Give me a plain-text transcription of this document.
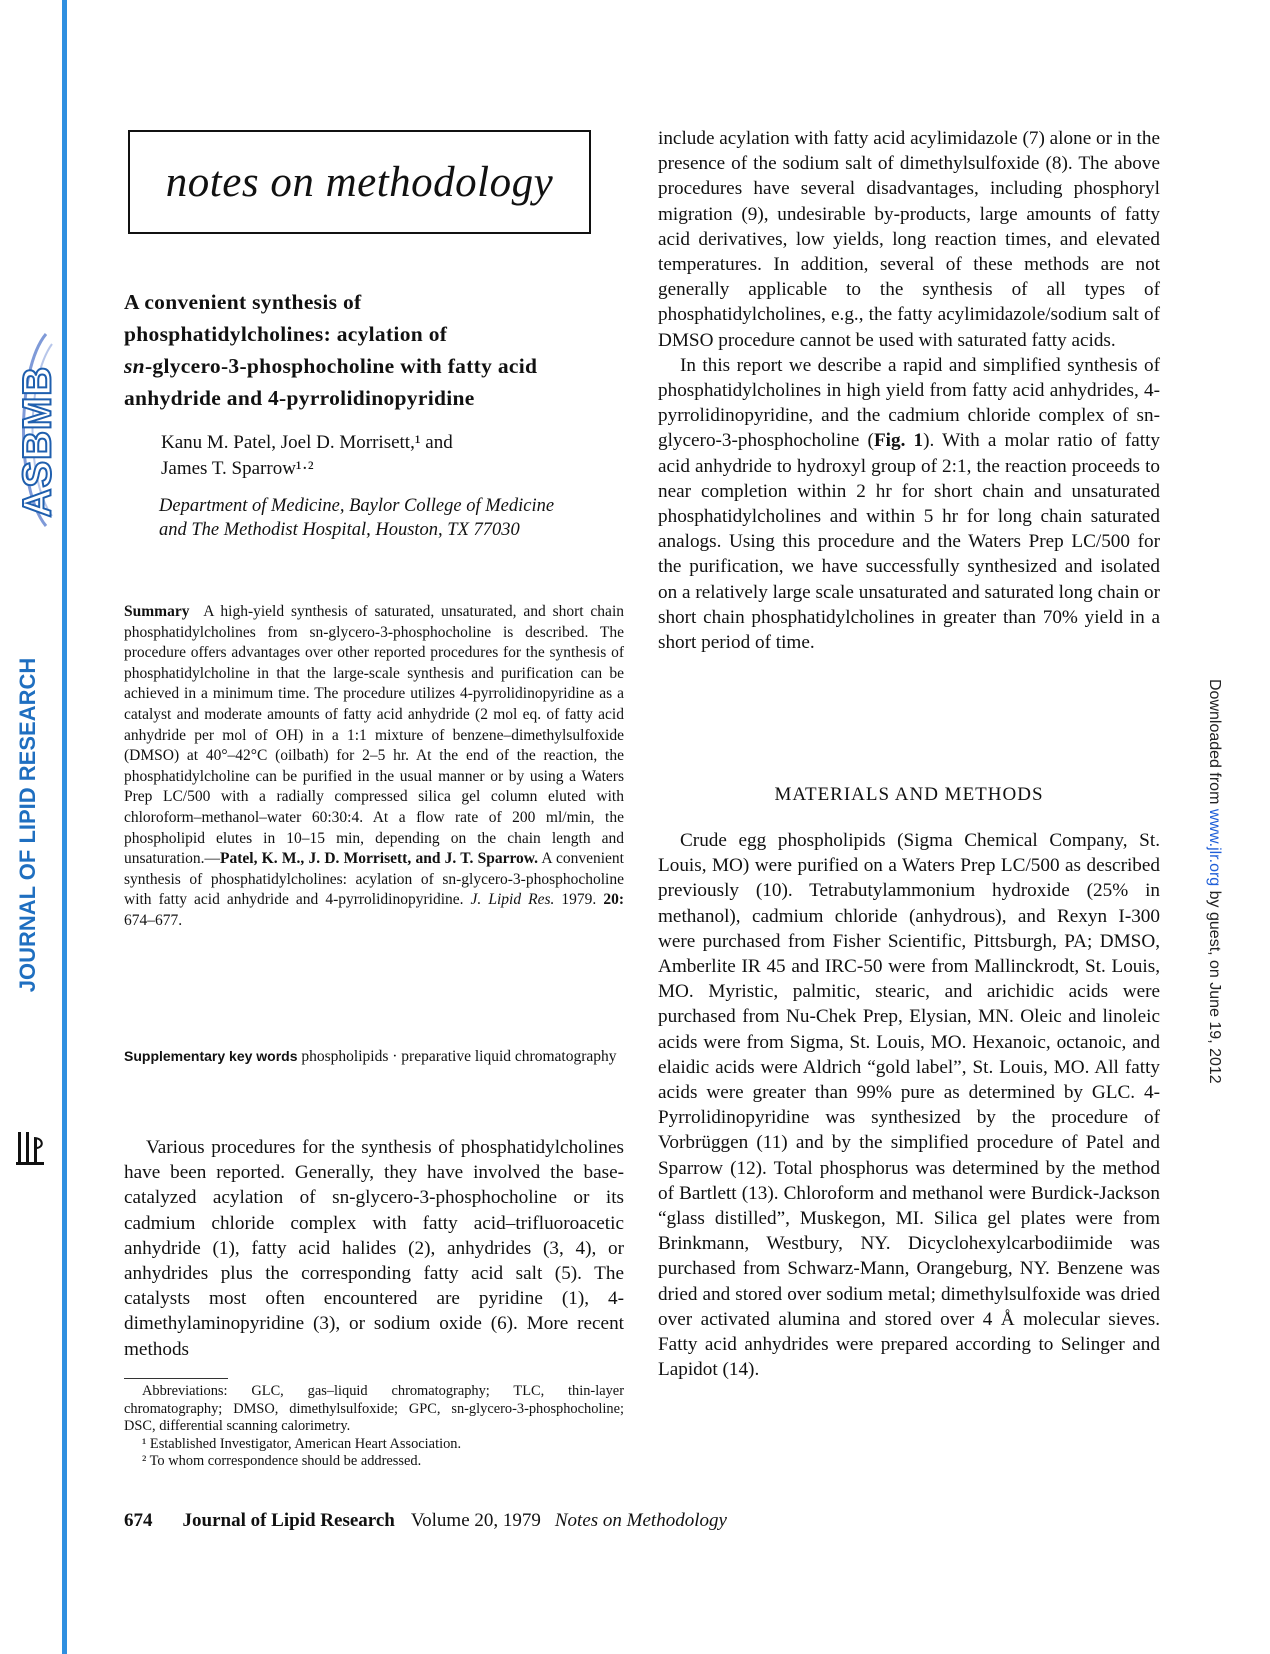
ASBMB
JOURNAL OF LIPID RESEARCH	Downloaded from www.jlr.org by guest, on June 19, 2012
notes on methodology
A convenient synthesis of
phosphatidylcholines: acylation of
sn-glycero-3-phosphocholine with fatty acid
anhydride and 4-pyrrolidinopyridine
Kanu M. Patel, Joel D. Morrisett,¹ and
James T. Sparrow¹·²
Department of Medicine, Baylor College of Medicine
and The Methodist Hospital, Houston, TX 77030
Summary A high-yield synthesis of saturated, unsaturated, and short chain phosphatidylcholines from sn-glycero-3-phosphocholine is described. The procedure offers advantages over other reported procedures for the synthesis of phosphatidylcholine in that the large-scale synthesis and purification can be achieved in a minimum time. The procedure utilizes 4-pyrrolidinopyridine as a catalyst and moderate amounts of fatty acid anhydride (2 mol eq. of fatty acid anhydride per mol of OH) in a 1:1 mixture of benzene–dimethylsulfoxide (DMSO) at 40°–42°C (oilbath) for 2–5 hr. At the end of the reaction, the phosphatidylcholine can be purified in the usual manner or by using a Waters Prep LC/500 with a radially compressed silica gel column eluted with chloroform–methanol–water 60:30:4. At a flow rate of 200 ml/min, the phospholipid elutes in 10–15 min, depending on the chain length and unsaturation.—Patel, K. M., J. D. Morrisett, and J. T. Sparrow. A convenient synthesis of phosphatidylcholines: acylation of sn-glycero-3-phosphocholine with fatty acid anhydride and 4-pyrrolidinopyridine. J. Lipid Res. 1979. 20: 674–677.
Supplementary key words phospholipids · preparative liquid chromatography

Various procedures for the synthesis of phosphatidylcholines have been reported. Generally, they have involved the base-catalyzed acylation of sn-glycero-3-phosphocholine or its cadmium chloride complex with fatty acid–trifluoroacetic anhydride (1), fatty acid halides (2), anhydrides (3, 4), or anhydrides plus the corresponding fatty acid salt (5). The catalysts most often encountered are pyridine (1), 4-dimethylaminopyridine (3), or sodium oxide (6). More recent methods

Abbreviations: GLC, gas–liquid chromatography; TLC, thin-layer chromatography; DMSO, dimethylsulfoxide; GPC, sn-glycero-3-phosphocholine; DSC, differential scanning calorimetry.

¹ Established Investigator, American Heart Association.

² To whom correspondence should be addressed.

include acylation with fatty acid acylimidazole (7) alone or in the presence of the sodium salt of dimethylsulfoxide (8). The above procedures have several disadvantages, including phosphoryl migration (9), undesirable by-products, large amounts of fatty acid derivatives, low yields, long reaction times, and elevated temperatures. In addition, several of these methods are not generally applicable to the synthesis of all types of phosphatidylcholines, e.g., the fatty acylimidazole/sodium salt of DMSO procedure cannot be used with saturated fatty acids.

In this report we describe a rapid and simplified synthesis of phosphatidylcholines in high yield from fatty acid anhydrides, 4-pyrrolidinopyridine, and the cadmium chloride complex of sn-glycero-3-phosphocholine (Fig. 1). With a molar ratio of fatty acid anhydride to hydroxyl group of 2:1, the reaction proceeds to near completion within 2 hr for short chain and unsaturated phosphatidylcholines and within 5 hr for long chain saturated analogs. Using this procedure and the Waters Prep LC/500 for the purification, we have successfully synthesized and isolated on a relatively large scale unsaturated and saturated long chain or short chain phosphatidylcholines in greater than 70% yield in a short period of time.

MATERIALS AND METHODS

Crude egg phospholipids (Sigma Chemical Company, St. Louis, MO) were purified on a Waters Prep LC/500 as described previously (10). Tetrabutylammonium hydroxide (25% in methanol), cadmium chloride (anhydrous), and Rexyn I-300 were purchased from Fisher Scientific, Pittsburgh, PA; DMSO, Amberlite IR 45 and IRC-50 were from Mallinckrodt, St. Louis, MO. Myristic, palmitic, stearic, and arichidic acids were purchased from Nu-Chek Prep, Elysian, MN. Oleic and linoleic acids were from Sigma, St. Louis, MO. Hexanoic, octanoic, and elaidic acids were Aldrich “gold label”, St. Louis, MO. All fatty acids were greater than 99% pure as determined by GLC. 4-Pyrrolidinopyridine was synthesized by the procedure of Vorbrüggen (11) and by the simplified procedure of Patel and Sparrow (12). Total phosphorus was determined by the method of Bartlett (13). Chloroform and methanol were Burdick-Jackson “glass distilled”, Muskegon, MI. Silica gel plates were from Brinkmann, Westbury, NY. Dicyclohexylcarbodiimide was purchased from Schwarz-Mann, Orangeburg, NY. Benzene was dried and stored over sodium metal; dimethylsulfoxide was dried over activated alumina and stored over 4 Å molecular sieves. Fatty acid anhydrides were prepared according to Selinger and Lapidot (14).

674 Journal of Lipid Research Volume 20, 1979 Notes on Methodology
